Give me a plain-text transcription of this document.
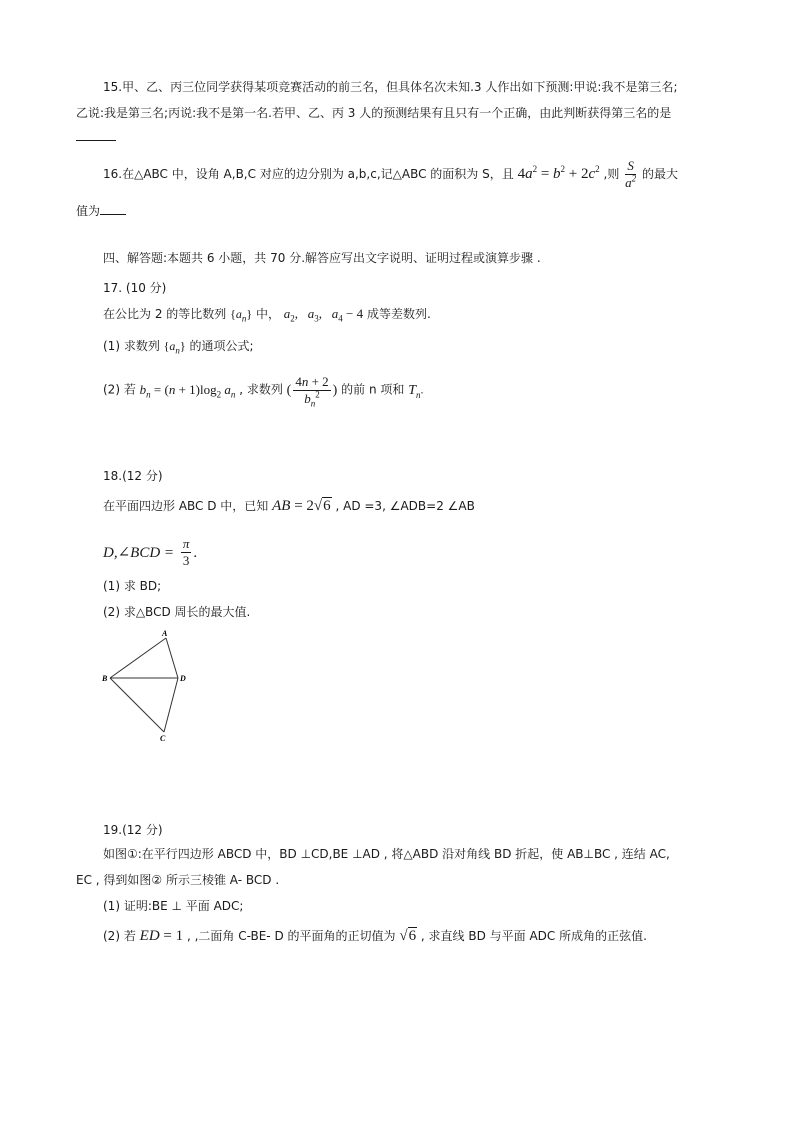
15.甲、乙、丙三位同学获得某项竞赛活动的前三名，但具体名次未知.3 人作出如下预测:甲说:我不是第三名;
乙说:我是第三名;丙说:我不是第一名.若甲、乙、丙 3 人的预测结果有且只有一个正确，由此判断获得第三名的是
16.在△ABC 中，设角 A,B,C 对应的边分别为 a,b,c,记△ABC 的面积为 S，且 $4a^2 = b^2 + 2c^2$ ,则 $\frac{S}{a^2}$ 的最大
值为
四、解答题:本题共 6 小题，共 70 分.解答应写出文字说明、证明过程或演算步骤 .
17. (10 分)
在公比为 2 的等比数列 $\{a_n\}$ 中， $a_2$,   $a_3$,   $a_4 - 4$ 成等差数列.
(1) 求数列 $\{a_n\}$ 的通项公式;
(2) 若 $b_n = (n + 1)\log_2$ $a_n$ , 求数列 ( $\frac{4n + 2}{b_n^2}$ ) 的前 n 项和 $T_n$.
18.(12 分)
在平面四边形 ABC D 中，已知 AB = 2√6 , AD =3, ∠ADB=2 ∠AB
D,∠BCD = $\frac{\pi}{3}$ .
(1) 求 BD;
(2) 求△BCD 周长的最大值.
A
B	D
C
19.(12 分)
如图①:在平行四边形 ABCD 中，BD ⊥CD,BE ⊥AD , 将△ABD 沿对角线 BD 折起，使 AB⊥BC , 连结 AC,
EC , 得到如图② 所示三棱锥 A- BCD .
(1) 证明:BE ⊥ 平面 ADC;
(2) 若 ED = 1 , ,二面角 C-BE- D 的平面角的正切值为 √6 , 求直线 BD 与平面 ADC 所成角的正弦值.
